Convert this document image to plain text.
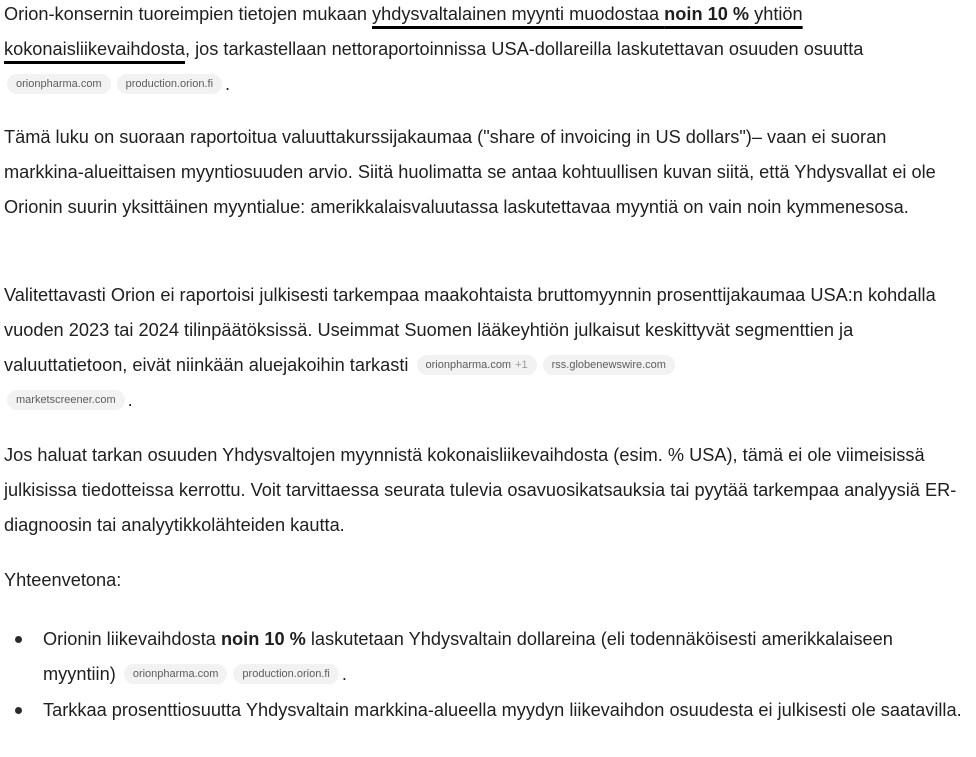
Orion-konsernin tuoreimpien tietojen mukaan yhdysvaltalainen myynti muodostaa noin 10 % yhtiön kokonaisliikevaihdosta, jos tarkastellaan nettoraportoinnissa USA-dollareilla laskutettavan osuuden osuutta orionpharma.com production.orion.fi .

Tämä luku on suoraan raportoitua valuuttakurssijakaumaa ("share of invoicing in US dollars")– vaan ei suoran markkina-alueittaisen myyntiosuuden arvio. Siitä huolimatta se antaa kohtuullisen kuvan siitä, että Yhdysvallat ei ole Orionin suurin yksittäinen myyntialue: amerikkalaisvaluutassa laskutettavaa myyntiä on vain noin kymmenesosa.

Valitettavasti Orion ei raportoisi julkisesti tarkempaa maakohtaista bruttomyynnin prosenttijakaumaa USA:n kohdalla vuoden 2023 tai 2024 tilinpäätöksissä. Useimmat Suomen lääkeyhtiön julkaisut keskittyvät segmenttien ja valuuttatietoon, eivät niinkään aluejakoihin tarkasti orionpharma.com +1 rss.globenewswire.com
marketscreener.com .

Jos haluat tarkan osuuden Yhdysvaltojen myynnistä kokonaisliikevaihdosta (esim. % USA), tämä ei ole viimeisissä julkisissa tiedotteissa kerrottu. Voit tarvittaessa seurata tulevia osavuosikatsauksia tai pyytää tarkempaa analyysiä ER-diagnoosin tai analyytikkolähteiden kautta.

Yhteenvetona:

Orionin liikevaihdosta noin 10 % laskutetaan Yhdysvaltain dollareina (eli todennäköisesti amerikkalaiseen myyntiin) orionpharma.com production.orion.fi .
Tarkkaa prosenttiosuutta Yhdysvaltain markkina-alueella myydyn liikevaihdon osuudesta ei julkisesti ole saatavilla.
